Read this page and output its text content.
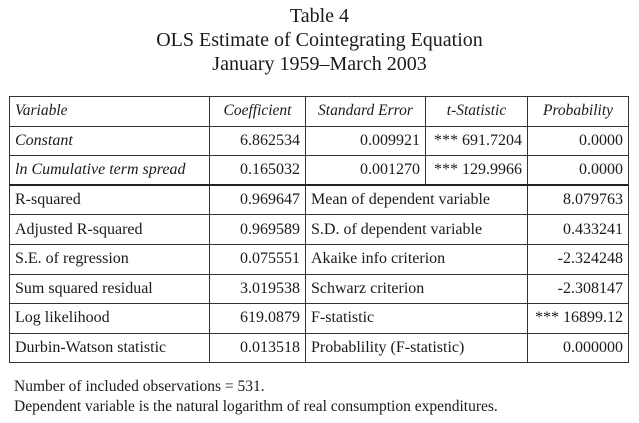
Table 4
OLS Estimate of Cointegrating Equation
January 1959–March 2003
Variable	Coefficient	Standard Error	t-Statistic	Probability
Constant	6.862534	0.009921	*** 691.7204	0.0000
ln Cumulative term spread	0.165032	0.001270	*** 129.9966	0.0000
R-squared	0.969647	Mean of dependent variable		8.079763
Adjusted R-squared	0.969589	S.D. of dependent variable		0.433241
S.E. of regression	0.075551	Akaike info criterion		-2.324248
Sum squared residual	3.019538	Schwarz criterion		-2.308147
Log likelihood	619.0879	F-statistic		*** 16899.12
Durbin-Watson statistic	0.013518	Probablility (F-statistic)		0.000000
Number of included observations = 531.
Dependent variable is the natural logarithm of real consumption expenditures.
